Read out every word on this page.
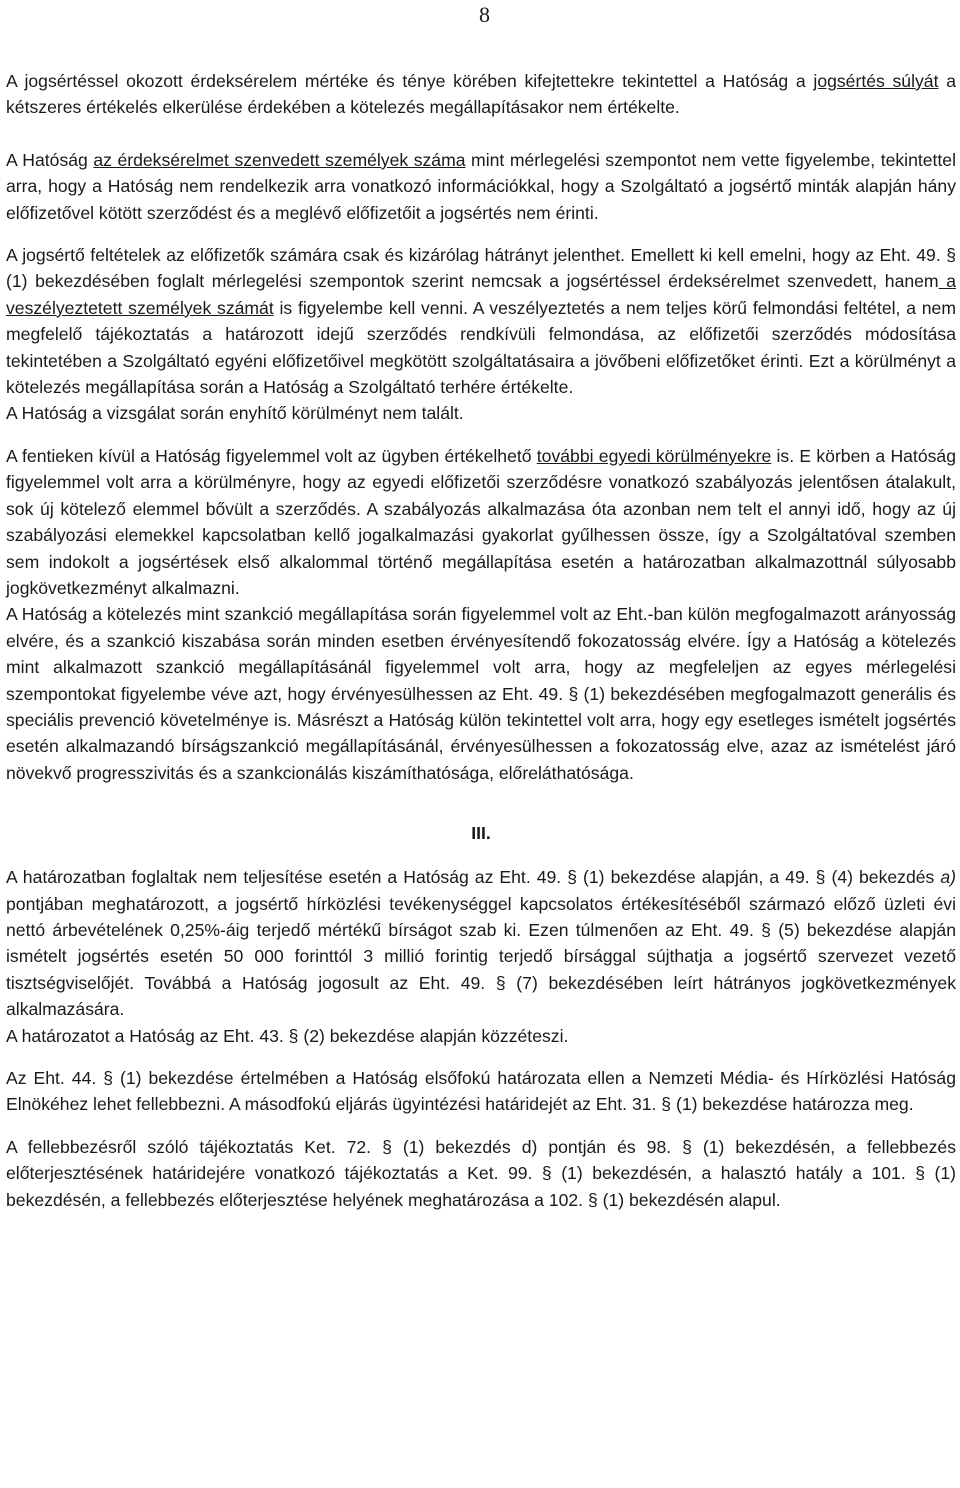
8

A jogsértéssel okozott érdeksérelem mértéke és ténye körében kifejtettekre tekintettel a Hatóság a jogsértés súlyát a kétszeres értékelés elkerülése érdekében a kötelezés megállapításakor nem értékelte.

A Hatóság az érdeksérelmet szenvedett személyek száma mint mérlegelési szempontot nem vette figyelembe, tekintettel arra, hogy a Hatóság nem rendelkezik arra vonatkozó információkkal, hogy a Szolgáltató a jogsértő minták alapján hány előfizetővel kötött szerződést és a meglévő előfizetőit a jogsértés nem érinti.

A jogsértő feltételek az előfizetők számára csak és kizárólag hátrányt jelenthet. Emellett ki kell emelni, hogy az Eht. 49. § (1) bekezdésében foglalt mérlegelési szempontok szerint nemcsak a jogsértéssel érdeksérelmet szenvedett, hanem a veszélyeztetett személyek számát is figyelembe kell venni. A veszélyeztetés a nem teljes körű felmondási feltétel, a nem megfelelő tájékoztatás a határozott idejű szerződés rendkívüli felmondása, az előfizetői szerződés módosítása tekintetében a Szolgáltató egyéni előfizetőivel megkötött szolgáltatásaira a jövőbeni előfizetőket érinti. Ezt a körülményt a kötelezés megállapítása során a Hatóság a Szolgáltató terhére értékelte.

A Hatóság a vizsgálat során enyhítő körülményt nem talált.

A fentieken kívül a Hatóság figyelemmel volt az ügyben értékelhető további egyedi körülményekre is. E körben a Hatóság figyelemmel volt arra a körülményre, hogy az egyedi előfizetői szerződésre vonatkozó szabályozás jelentősen átalakult, sok új kötelező elemmel bővült a szerződés. A szabályozás alkalmazása óta azonban nem telt el annyi idő, hogy az új szabályozási elemekkel kapcsolatban kellő jogalkalmazási gyakorlat gyűlhessen össze, így a Szolgáltatóval szemben sem indokolt a jogsértések első alkalommal történő megállapítása esetén a határozatban alkalmazottnál súlyosabb jogkövetkezményt alkalmazni.

A Hatóság a kötelezés mint szankció megállapítása során figyelemmel volt az Eht.-ban külön megfogalmazott arányosság elvére, és a szankció kiszabása során minden esetben érvényesítendő fokozatosság elvére. Így a Hatóság a kötelezés mint alkalmazott szankció megállapításánál figyelemmel volt arra, hogy az megfeleljen az egyes mérlegelési szempontokat figyelembe véve azt, hogy érvényesülhessen az Eht. 49. § (1) bekezdésében megfogalmazott generális és speciális prevenció követelménye is. Másrészt a Hatóság külön tekintettel volt arra, hogy egy esetleges ismételt jogsértés esetén alkalmazandó bírságszankció megállapításánál, érvényesülhessen a fokozatosság elve, azaz az ismételést járó növekvő progresszivitás és a szankcionálás kiszámíthatósága, előreláthatósága.

III.

A határozatban foglaltak nem teljesítése esetén a Hatóság az Eht. 49. § (1) bekezdése alapján, a 49. § (4) bekezdés a) pontjában meghatározott, a jogsértő hírközlési tevékenységgel kapcsolatos értékesítéséből származó előző üzleti évi nettó árbevételének 0,25%-áig terjedő mértékű bírságot szab ki. Ezen túlmenően az Eht. 49. § (5) bekezdése alapján ismételt jogsértés esetén 50 000 forinttól 3 millió forintig terjedő bírsággal sújthatja a jogsértő szervezet vezető tisztségviselőjét. Továbbá a Hatóság jogosult az Eht. 49. § (7) bekezdésében leírt hátrányos jogkövetkezmények alkalmazására.

A határozatot a Hatóság az Eht. 43. § (2) bekezdése alapján közzéteszi.

Az Eht. 44. § (1) bekezdése értelmében a Hatóság elsőfokú határozata ellen a Nemzeti Média- és Hírközlési Hatóság Elnökéhez lehet fellebbezni. A másodfokú eljárás ügyintézési határidejét az Eht. 31. § (1) bekezdése határozza meg.

A fellebbezésről szóló tájékoztatás Ket. 72. § (1) bekezdés d) pontján és 98. § (1) bekezdésén, a fellebbezés előterjesztésének határidejére vonatkozó tájékoztatás a Ket. 99. § (1) bekezdésén, a halasztó hatály a 101. § (1) bekezdésén, a fellebbezés előterjesztése helyének meghatározása a 102. § (1) bekezdésén alapul.
